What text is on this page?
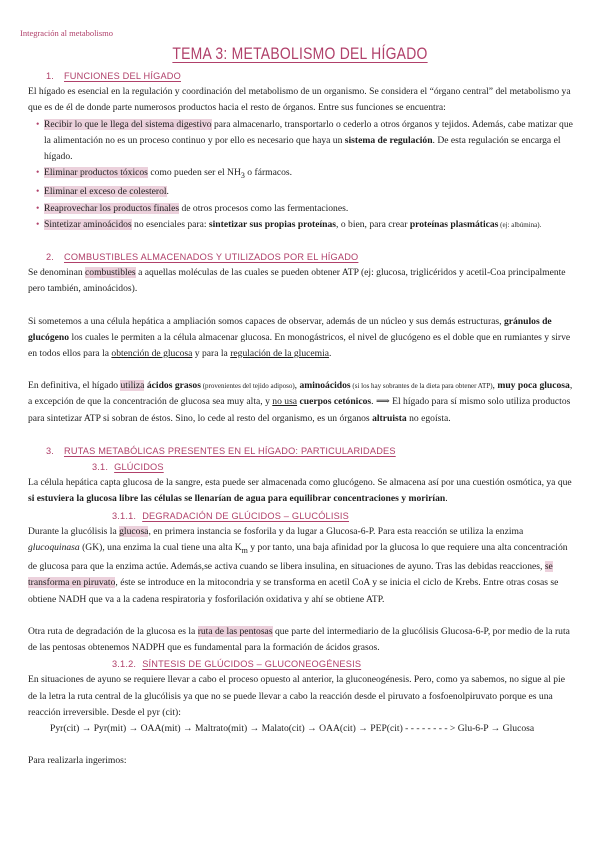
Integración al metabolismo
TEMA 3: METABOLISMO DEL HÍGADO
1. FUNCIONES DEL HÍGADO

El hígado es esencial en la regulación y coordinación del metabolismo de un organismo. Se considera el “órgano central” del metabolismo ya que es de él de donde parte numerosos productos hacia el resto de órganos. Entre sus funciones se encuentra:

• Recibir lo que le llega del sistema digestivo para almacenarlo, transportarlo o cederlo a otros órganos y tejidos. Además, cabe matizar que la alimentación no es un proceso continuo y por ello es necesario que haya un sistema de regulación. De esta regulación se encarga el hígado.
• Eliminar productos tóxicos como pueden ser el $NH_3$ o fármacos.
• Eliminar el exceso de colesterol.
• Reaprovechar los productos finales de otros procesos como las fermentaciones.
• Sintetizar aminoácidos no esenciales para: sintetizar sus propias proteínas, o bien, para crear proteínas plasmáticas (ej: albúmina).
2. COMBUSTIBLES ALMACENADOS Y UTILIZADOS POR EL HÍGADO

Se denominan combustibles a aquellas moléculas de las cuales se pueden obtener ATP (ej: glucosa, triglicéridos y acetil-Coa principalmente pero también, aminoácidos).

Si sometemos a una célula hepática a ampliación somos capaces de observar, además de un núcleo y sus demás estructuras, gránulos de glucógeno los cuales le permiten a la célula almacenar glucosa. En monogástricos, el nivel de glucógeno es el doble que en rumiantes y sirve en todos ellos para la obtención de glucosa y para la regulación de la glucemia.

En definitiva, el hígado utiliza ácidos grasos (provenientes del tejido adiposo), aminoácidos (si los hay sobrantes de la dieta para obtener ATP), muy poca glucosa, a excepción de que la concentración de glucosa sea muy alta, y no usa cuerpos cetónicos. ⟹ El hígado para sí mismo solo utiliza productos para sintetizar ATP si sobran de éstos. Sino, lo cede al resto del organismo, es un órganos altruista no egoísta.

3. RUTAS METABÓLICAS PRESENTES EN EL HÍGADO: PARTICULARIDADES
3.1. GLÚCIDOS

La célula hepática capta glucosa de la sangre, esta puede ser almacenada como glucógeno. Se almacena así por una cuestión osmótica, ya que si estuviera la glucosa libre las células se llenarían de agua para equilibrar concentraciones y morirían.

3.1.1. DEGRADACIÓN DE GLÚCIDOS – GLUCÓLISIS

Durante la glucólisis la glucosa, en primera instancia se fosforila y da lugar a Glucosa-6-P. Para esta reacción se utiliza la enzima glucoquinasa (GK), una enzima la cual tiene una alta $K_m$ y por tanto, una baja afinidad por la glucosa lo que requiere una alta concentración de glucosa para que la enzima actúe. Además,se activa cuando se libera insulina, en situaciones de ayuno. Tras las debidas reacciones, se transforma en piruvato, éste se introduce en la mitocondria y se transforma en acetil CoA y se inicia el ciclo de Krebs. Entre otras cosas se obtiene NADH que va a la cadena respiratoria y fosforilación oxidativa y ahí se obtiene ATP.

Otra ruta de degradación de la glucosa es la ruta de las pentosas que parte del intermediario de la glucólisis Glucosa-6-P, por medio de la ruta de las pentosas obtenemos NADPH que es fundamental para la formación de ácidos grasos.

3.1.2. SÍNTESIS DE GLÚCIDOS – GLUCONEOGÉNESIS

En situaciones de ayuno se requiere llevar a cabo el proceso opuesto al anterior, la gluconeogénesis. Pero, como ya sabemos, no sigue al pie de la letra la ruta central de la glucólisis ya que no se puede llevar a cabo la reacción desde el piruvato a fosfoenolpiruvato porque es una reacción irreversible. Desde el pyr (cit):

Pyr(cit) → Pyr(mit) → OAA(mit) → Maltrato(mit) → Malato(cit) → OAA(cit) → PEP(cit) - - - - - - - - > Glu-6-P → Glucosa

Para realizarla ingerimos:
